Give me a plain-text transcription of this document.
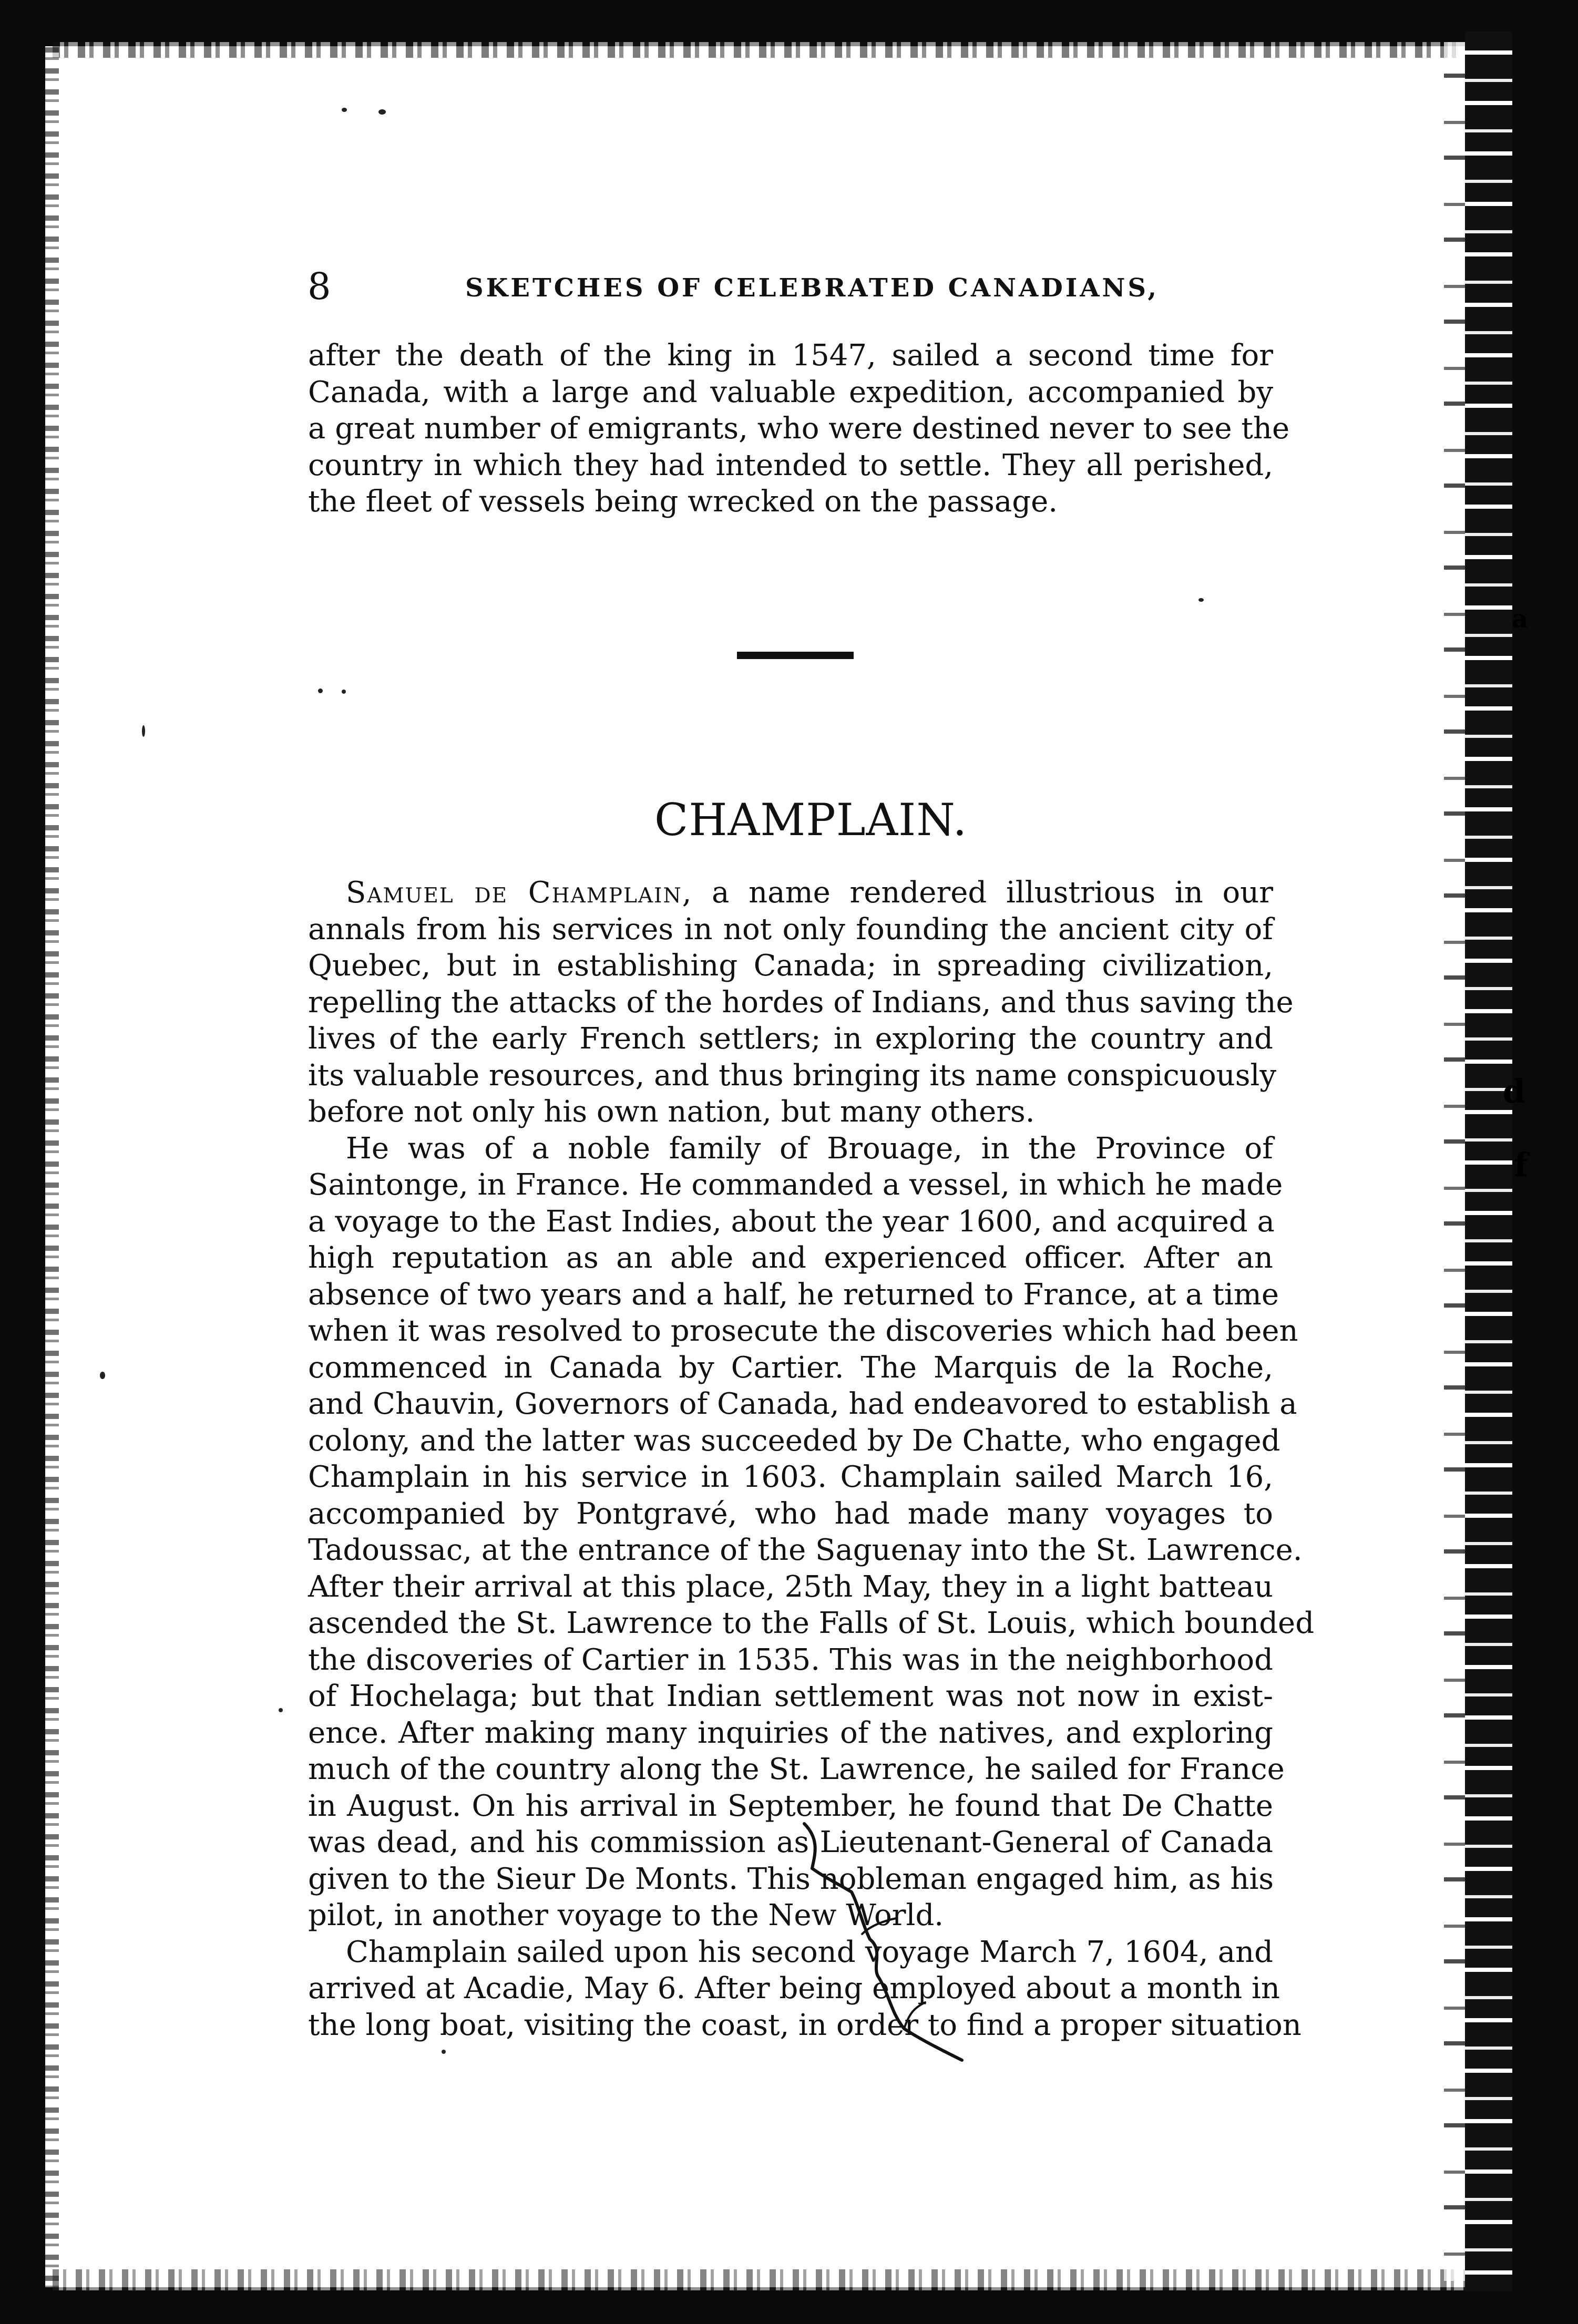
d
f
a
8	SKETCHES OF CELEBRATED CANADIANS,
after the death of the king in 1547, sailed a second time for
Canada, with a large and valuable expedition, accompanied by
a great number of emigrants, who were destined never to see the
country in which they had intended to settle. They all perished,
the fleet of vessels being wrecked on the passage.
CHAMPLAIN.
Samuel de Champlain, a name rendered illustrious in our
annals from his services in not only founding the ancient city of
Quebec, but in establishing Canada; in spreading civilization,
repelling the attacks of the hordes of Indians, and thus saving the
lives of the early French settlers; in exploring the country and
its valuable resources, and thus bringing its name conspicuously
before not only his own nation, but many others.
He was of a noble family of Brouage, in the Province of
Saintonge, in France. He commanded a vessel, in which he made
a voyage to the East Indies, about the year 1600, and acquired a
high reputation as an able and experienced officer. After an
absence of two years and a half, he returned to France, at a time
when it was resolved to prosecute the discoveries which had been
commenced in Canada by Cartier. The Marquis de la Roche,
and Chauvin, Governors of Canada, had endeavored to establish a
colony, and the latter was succeeded by De Chatte, who engaged
Champlain in his service in 1603. Champlain sailed March 16,
accompanied by Pontgravé, who had made many voyages to
Tadoussac, at the entrance of the Saguenay into the St. Lawrence.
After their arrival at this place, 25th May, they in a light batteau
ascended the St. Lawrence to the Falls of St. Louis, which bounded
the discoveries of Cartier in 1535. This was in the neighborhood
of Hochelaga; but that Indian settlement was not now in exist-
ence. After making many inquiries of the natives, and exploring
much of the country along the St. Lawrence, he sailed for France
in August. On his arrival in September, he found that De Chatte
was dead, and his commission as Lieutenant-General of Canada
given to the Sieur De Monts. This nobleman engaged him, as his
pilot, in another voyage to the New World.
Champlain sailed upon his second voyage March 7, 1604, and
arrived at Acadie, May 6. After being employed about a month in
the long boat, visiting the coast, in order to find a proper situation
